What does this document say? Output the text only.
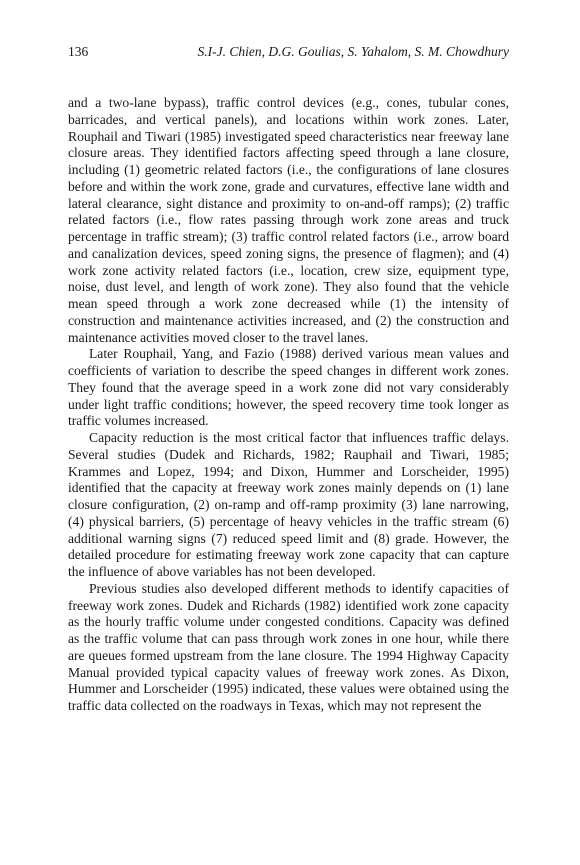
136	S.I-J. Chien, D.G. Goulias, S. Yahalom, S. M. Chowdhury

and a two-lane bypass), traffic control devices (e.g., cones, tubular cones, barricades, and vertical panels), and locations within work zones. Later, Rouphail and Tiwari (1985) investigated speed characteristics near freeway lane closure areas. They identified factors affecting speed through a lane closure, including (1) geometric related factors (i.e., the configurations of lane closures before and within the work zone, grade and curvatures, effective lane width and lateral clearance, sight distance and proximity to on-and-off ramps); (2) traffic related factors (i.e., flow rates passing through work zone areas and truck percentage in traffic stream); (3) traffic control related factors (i.e., arrow board and canalization devices, speed zoning signs, the presence of flagmen); and (4) work zone activity related factors (i.e., location, crew size, equipment type, noise, dust level, and length of work zone). They also found that the vehicle mean speed through a work zone decreased while (1) the intensity of construction and maintenance activities increased, and (2) the construction and maintenance activities moved closer to the travel lanes.

Later Rouphail, Yang, and Fazio (1988) derived various mean values and coefficients of variation to describe the speed changes in different work zones. They found that the average speed in a work zone did not vary considerably under light traffic conditions; however, the speed recovery time took longer as traffic volumes increased.

Capacity reduction is the most critical factor that influences traffic delays. Several studies (Dudek and Richards, 1982; Rauphail and Tiwari, 1985; Krammes and Lopez, 1994; and Dixon, Hummer and Lorscheider, 1995) identified that the capacity at freeway work zones mainly depends on (1) lane closure configuration, (2) on-ramp and off-ramp proximity (3) lane narrowing, (4) physical barriers, (5) percentage of heavy vehicles in the traffic stream (6) additional warning signs (7) reduced speed limit and (8) grade. However, the detailed procedure for estimating freeway work zone capacity that can capture the influence of above variables has not been developed.

Previous studies also developed different methods to identify capacities of freeway work zones. Dudek and Richards (1982) identified work zone capacity as the hourly traffic volume under congested conditions. Capacity was defined as the traffic volume that can pass through work zones in one hour, while there are queues formed upstream from the lane closure. The 1994 Highway Capacity Manual provided typical capacity values of freeway work zones. As Dixon, Hummer and Lorscheider (1995) indicated, these values were obtained using the traffic data collected on the roadways in Texas, which may not represent the
